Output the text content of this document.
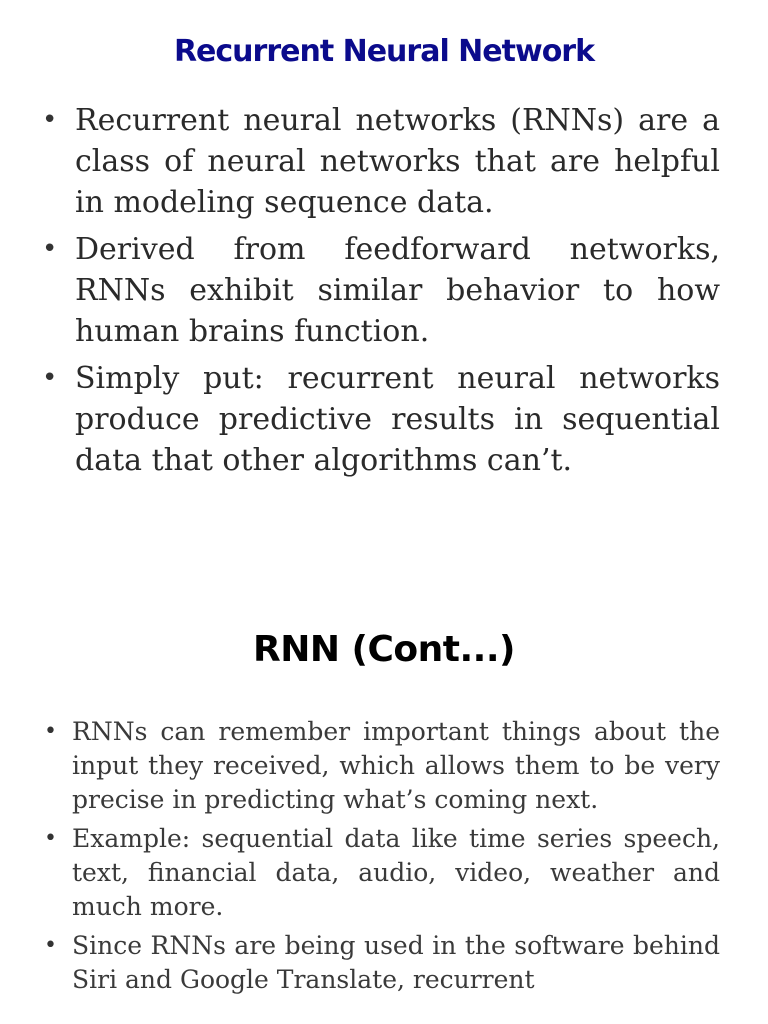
Recurrent Neural Network
• Recurrent neural networks (RNNs) are a class of neural networks that are helpful in modeling sequence data.
• Derived from feedforward networks, RNNs exhibit similar behavior to how human brains function.
• Simply put: recurrent neural networks produce predictive results in sequential data that other algorithms can’t.
RNN (Cont...)
• RNNs can remember important things about the input they received, which allows them to be very precise in predicting what’s coming next.
• Example: sequential data like time series speech, text, financial data, audio, video, weather and much more.
• Since RNNs are being used in the software behind Siri and Google Translate, recurrent
